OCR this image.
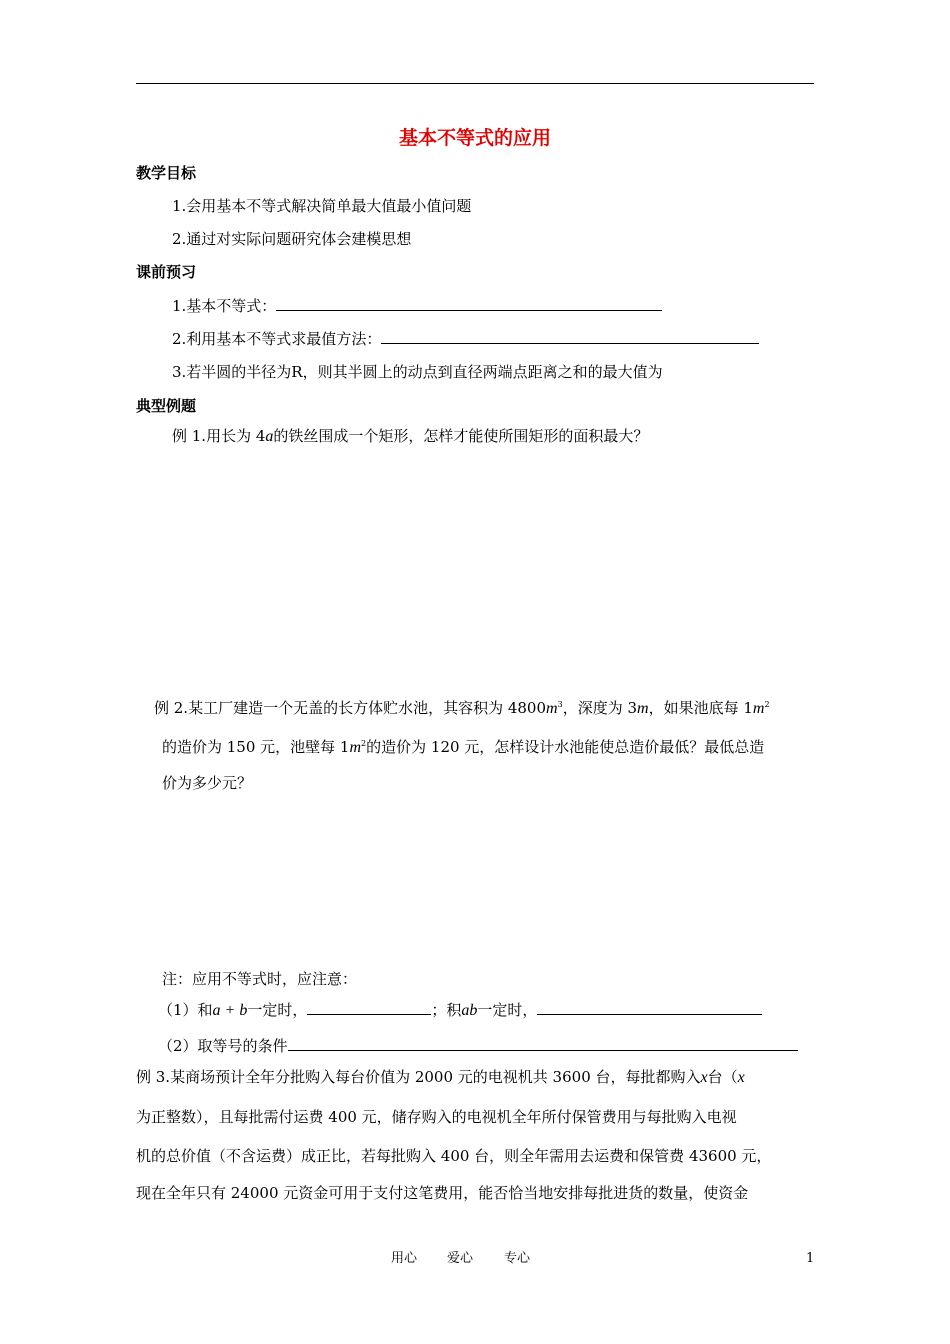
基本不等式的应用
教学目标
1.会用基本不等式解决简单最大值最小值问题
2.通过对实际问题研究体会建模思想
课前预习
1.基本不等式：
2.利用基本不等式求最值方法：
3.若半圆的半径为R，则其半圆上的动点到直径两端点距离之和的最大值为
典型例题
例 1.用长为 4a的铁丝围成一个矩形，怎样才能使所围矩形的面积最大？
例 2.某工厂建造一个无盖的长方体贮水池，其容积为 $4800m^3$，深度为 3m，如果池底每 $1m^2$
的造价为 150 元，池壁每 $1m^2$的造价为 120 元，怎样设计水池能使总造价最低？最低总造
价为多少元？
注：应用不等式时，应注意：
（1）和a + b一定时，	；积ab一定时，
（2）取等号的条件
例 3.某商场预计全年分批购入每台价值为 2000 元的电视机共 3600 台，每批都购入x台（x
为正整数），且每批需付运费 400 元，储存购入的电视机全年所付保管费用与每批购入电视
机的总价值（不含运费）成正比，若每批购入 400 台，则全年需用去运费和保管费 43600 元，
现在全年只有 24000 元资金可用于支付这笔费用，能否恰当地安排每批进货的数量，使资金
用心 爱心 专心	1
